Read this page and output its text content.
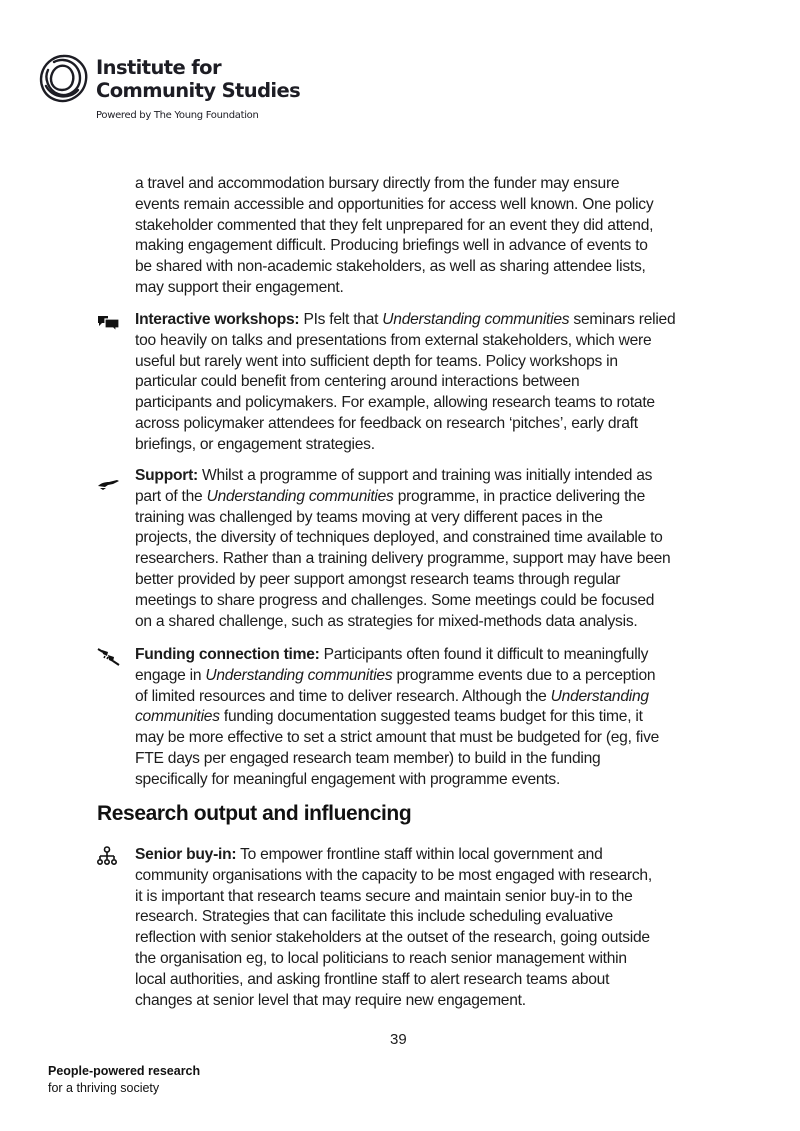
Institute for
Community Studies
Powered by The Young Foundation
a travel and accommodation bursary directly from the funder may ensure
events remain accessible and opportunities for access well known. One policy
stakeholder commented that they felt unprepared for an event they did attend,
making engagement difficult. Producing briefings well in advance of events to
be shared with non-academic stakeholders, as well as sharing attendee lists,
may support their engagement.
Interactive workshops: PIs felt that Understanding communities seminars relied
too heavily on talks and presentations from external stakeholders, which were
useful but rarely went into sufficient depth for teams. Policy workshops in
particular could benefit from centering around interactions between
participants and policymakers. For example, allowing research teams to rotate
across policymaker attendees for feedback on research ‘pitches’, early draft
briefings, or engagement strategies.
Support: Whilst a programme of support and training was initially intended as
part of the Understanding communities programme, in practice delivering the
training was challenged by teams moving at very different paces in the
projects, the diversity of techniques deployed, and constrained time available to
researchers. Rather than a training delivery programme, support may have been
better provided by peer support amongst research teams through regular
meetings to share progress and challenges. Some meetings could be focused
on a shared challenge, such as strategies for mixed-methods data analysis.
Funding connection time: Participants often found it difficult to meaningfully
engage in Understanding communities programme events due to a perception
of limited resources and time to deliver research. Although the Understanding
communities funding documentation suggested teams budget for this time, it
may be more effective to set a strict amount that must be budgeted for (eg, five
FTE days per engaged research team member) to build in the funding
specifically for meaningful engagement with programme events.
Research output and influencing
Senior buy-in: To empower frontline staff within local government and
community organisations with the capacity to be most engaged with research,
it is important that research teams secure and maintain senior buy-in to the
research. Strategies that can facilitate this include scheduling evaluative
reflection with senior stakeholders at the outset of the research, going outside
the organisation eg, to local politicians to reach senior management within
local authorities, and asking frontline staff to alert research teams about
changes at senior level that may require new engagement.
39
People-powered research
for a thriving society
